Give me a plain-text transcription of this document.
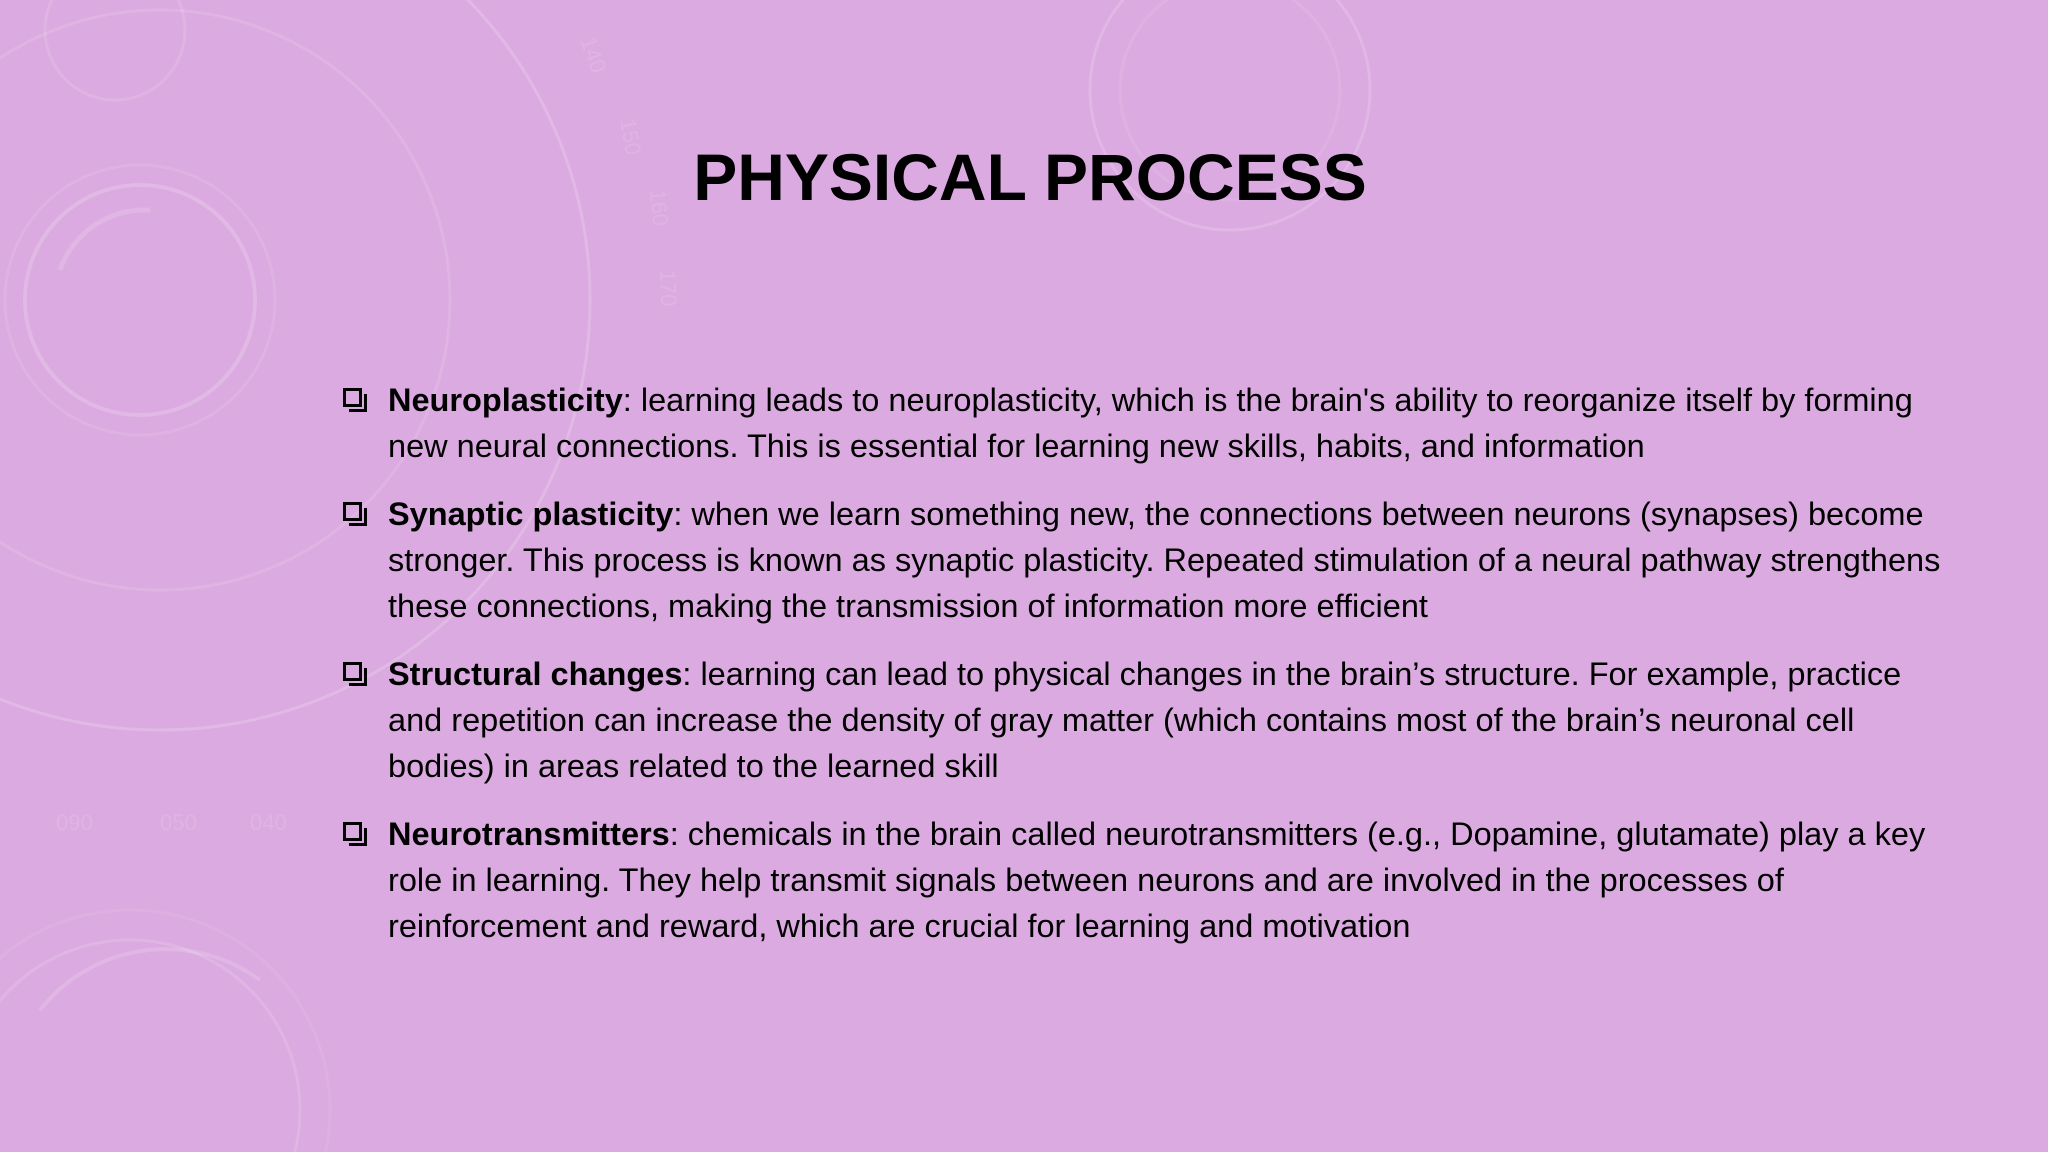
150
160
170
090	050 040
140
PHYSICAL PROCESS
Neuroplasticity: learning leads to neuroplasticity, which is the brain's ability to reorganize itself by forming new neural connections. This is essential for learning new skills, habits, and information
Synaptic plasticity: when we learn something new, the connections between neurons (synapses) become stronger. This process is known as synaptic plasticity. Repeated stimulation of a neural pathway strengthens these connections, making the transmission of information more efficient
Structural changes: learning can lead to physical changes in the brain’s structure. For example, practice and repetition can increase the density of gray matter (which contains most of the brain’s neuronal cell bodies) in areas related to the learned skill
Neurotransmitters: chemicals in the brain called neurotransmitters (e.g., Dopamine, glutamate) play a key role in learning. They help transmit signals between neurons and are involved in the processes of reinforcement and reward, which are crucial for learning and motivation
